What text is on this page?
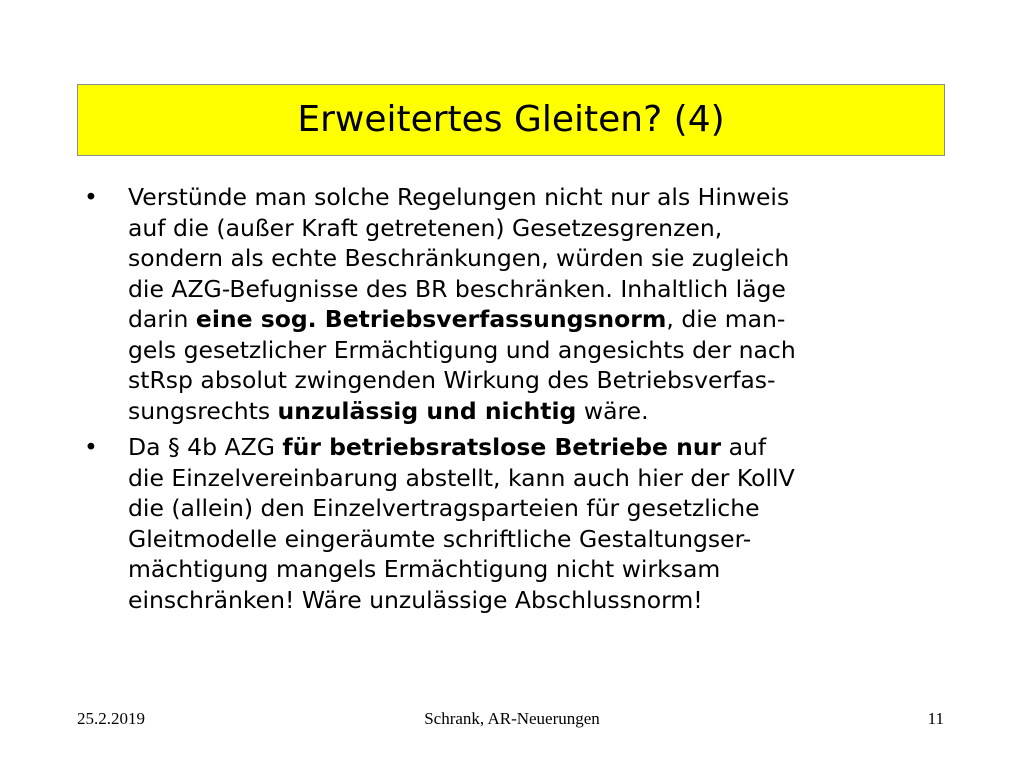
Erweitertes Gleiten? (4)
•	Verstünde man solche Regelungen nicht nur als Hinweis
auf die (außer Kraft getretenen) Gesetzesgrenzen,
sondern als echte Beschränkungen, würden sie zugleich
die AZG-Befugnisse des BR beschränken. Inhaltlich läge
darin eine sog. Betriebsverfassungsnorm, die man-
gels gesetzlicher Ermächtigung und angesichts der nach
stRsp absolut zwingenden Wirkung des Betriebsverfas-
sungsrechts unzulässig und nichtig wäre.
•	Da § 4b AZG für betriebsratslose Betriebe nur auf
die Einzelvereinbarung abstellt, kann auch hier der KollV
die (allein) den Einzelvertragsparteien für gesetzliche
Gleitmodelle eingeräumte schriftliche Gestaltungser-
mächtigung mangels Ermächtigung nicht wirksam
einschränken! Wäre unzulässige Abschlussnorm!
25.2.2019	Schrank, AR-Neuerungen	11
